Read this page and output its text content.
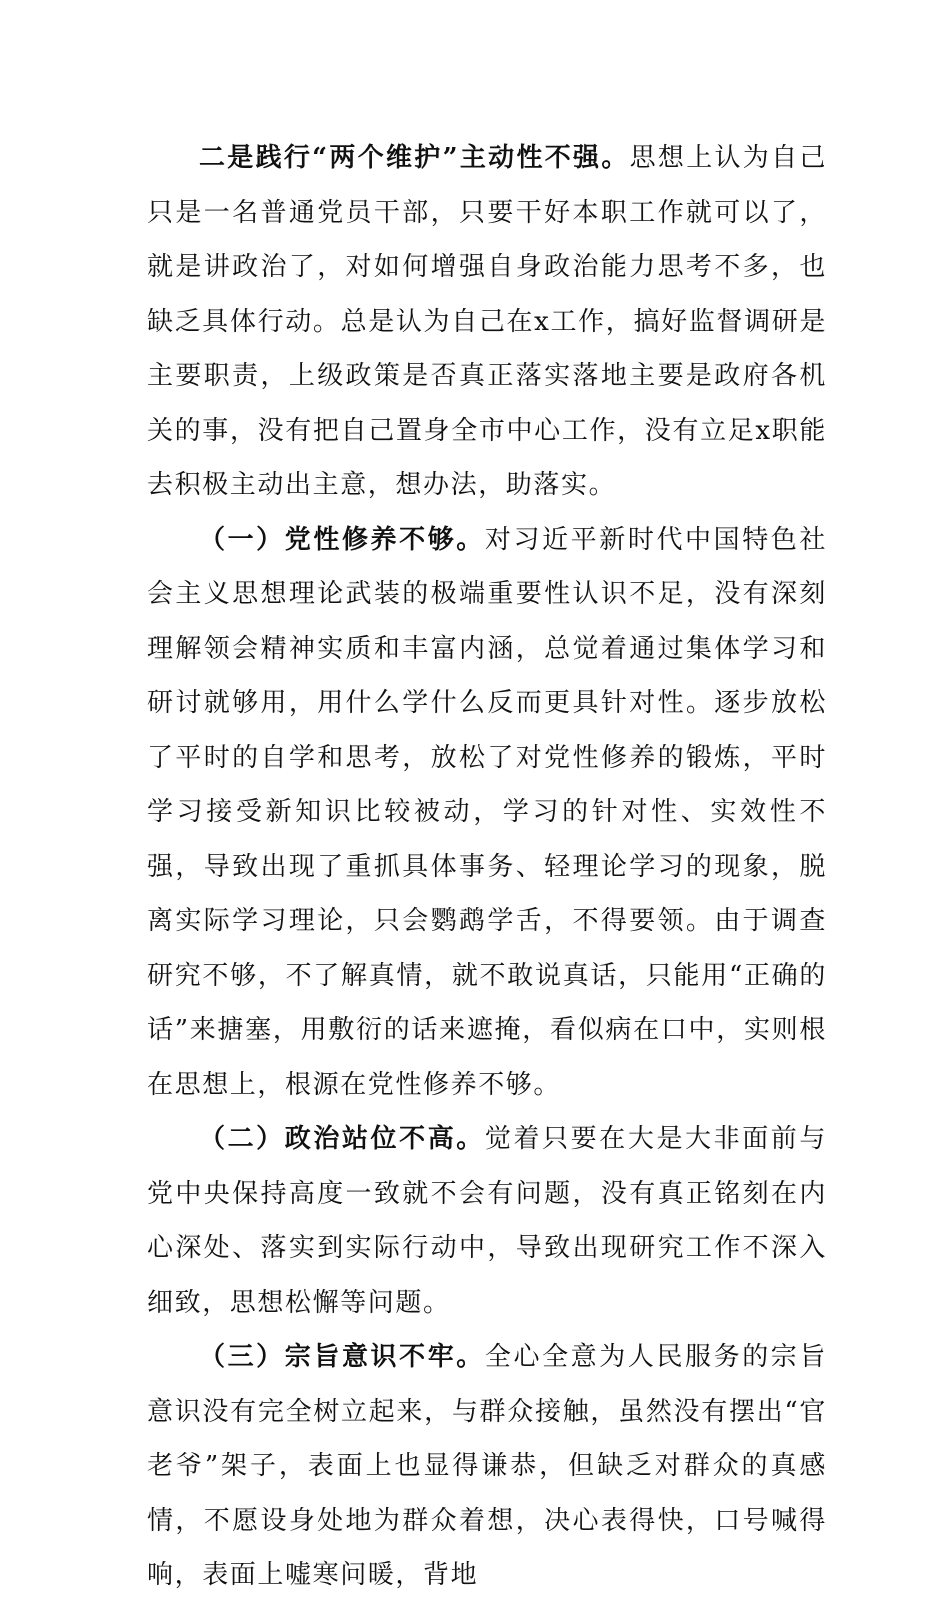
二是践行“两个维护”主动性不强。思想上认为自己只是一名普通党员干部，只要干好本职工作就可以了，就是讲政治了，对如何增强自身政治能力思考不多，也缺乏具体行动。总是认为自己在x工作，搞好监督调研是主要职责，上级政策是否真正落实落地主要是政府各机关的事，没有把自己置身全市中心工作，没有立足x职能去积极主动出主意，想办法，助落实。

（一）党性修养不够。对习近平新时代中国特色社会主义思想理论武装的极端重要性认识不足，没有深刻理解领会精神实质和丰富内涵，总觉着通过集体学习和研讨就够用，用什么学什么反而更具针对性。逐步放松了平时的自学和思考，放松了对党性修养的锻炼，平时学习接受新知识比较被动，学习的针对性、实效性不强，导致出现了重抓具体事务、轻理论学习的现象，脱离实际学习理论，只会鹦鹉学舌，不得要领。由于调查研究不够，不了解真情，就不敢说真话，只能用“正确的话”来搪塞，用敷衍的话来遮掩，看似病在口中，实则根在思想上，根源在党性修养不够。

（二）政治站位不高。觉着只要在大是大非面前与党中央保持高度一致就不会有问题，没有真正铭刻在内心深处、落实到实际行动中，导致出现研究工作不深入细致，思想松懈等问题。

（三）宗旨意识不牢。全心全意为人民服务的宗旨意识没有完全树立起来，与群众接触，虽然没有摆出“官老爷”架子，表面上也显得谦恭，但缺乏对群众的真感情，不愿设身处地为群众着想，决心表得快，口号喊得响，表面上嘘寒问暖，背地
